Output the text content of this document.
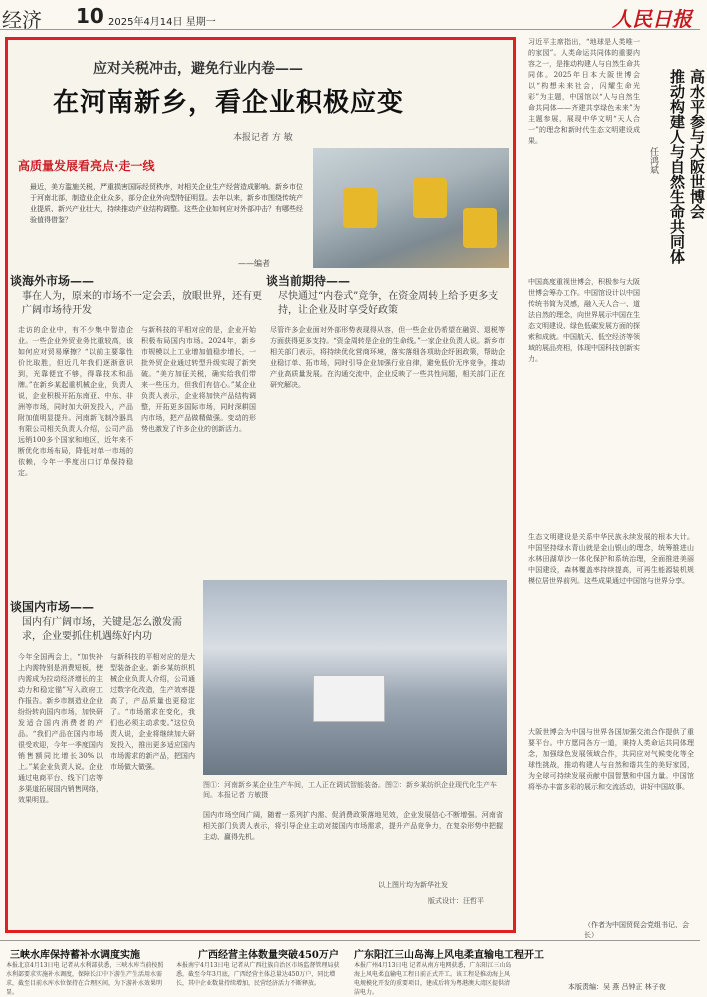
经济 10 2025年4月14日 星期一	人民日报
应对关税冲击，避免行业内卷——
在河南新乡，看企业积极应变
本报记者 方 敏
高质量发展看亮点·走一线
最近，美方滥施关税，严重损害国际经贸秩序，对相关企业生产经营造成影响。新乡市位于河南北部，制造业企业众多，部分企业外向型特征明显。去年以来，新乡市围绕传统产业提质、新兴产业壮大，持续推动产业结构调整。这些企业如何应对外部冲击？有哪些经验值得借鉴？
——编者
谈海外市场——
事在人为，原来的市场不一定会丢，放眼世界，还有更广阔市场待开发
走访的企业中，有不少集中智造企业。一些企业外贸业务比重较高，该如何应对贸易摩擦？“以前主要靠性价比取胜，但近几年我们逐渐意识到，光靠便宜不够，得靠技术和品牌。”在新乡某起重机械企业，负责人说，企业积极开拓东南亚、中东、非洲等市场，同时加大研发投入，产品附加值明显提升。河南新飞制冷器具有限公司相关负责人介绍，公司产品远销100多个国家和地区，近年来不断优化市场布局，降低对单一市场的依赖，今年一季度出口订单保持稳定。
与新科技的平相对应的是，企业开始积极布局国内市场。2024年，新乡市规模以上工业增加值稳步增长，一批外贸企业通过转型升级实现了新突破。“美方加征关税，确实给我们带来一些压力，但我们有信心。”某企业负责人表示，企业将加快产品结构调整，开拓更多国际市场，同时深耕国内市场，把产品做精做强。变动的形势也激发了许多企业的创新活力。
谈当前期待——
尽快通过“内卷式”竞争，在资金周转上给予更多支持，让企业及时享受好政策
尽管许多企业面对外部形势表现得从容，但一些企业仍希望在融资、退税等方面获得更多支持。“资金周转是企业的生命线。”一家企业负责人说。新乡市相关部门表示，将持续优化营商环境，落实落细各项助企纾困政策，帮助企业稳订单、拓市场，同时引导企业加强行业自律，避免低价无序竞争，推动产业高质量发展。在沟通交流中，企业反映了一些共性问题，相关部门正在研究解决。
谈国内市场——
国内有广阔市场，关键是怎么激发需求，企业要抓住机遇练好内功
今年全国两会上，“加快补上内需特别是消费短板，使内需成为拉动经济增长的主动力和稳定锚”写入政府工作报告。新乡市制造业企业纷纷转向国内市场，加快研发适合国内消费者的产品。“我们产品在国内市场很受欢迎，今年一季度国内销售额同比增长30%以上。”某企业负责人说。企业通过电商平台、线下门店等多渠道拓展国内销售网络，效果明显。
与新科技的平相对应的是大型装备企业。新乡某纺织机械企业负责人介绍，公司通过数字化改造，生产效率提高了，产品质量也更稳定了。“市场需求在变化，我们也必须主动求变。”这位负责人说，企业将继续加大研发投入，推出更多适应国内市场需求的新产品，把国内市场做大做强。
图①：河南新乡某企业生产车间，工人正在调试智能装备。图②：新乡某纺织企业现代化生产车间。本报记者 方敏摄
国内市场空间广阔，随着一系列扩内需、促消费政策落地见效，企业发展信心不断增强。河南省相关部门负责人表示，将引导企业主动对接国内市场需求，提升产品竞争力，在复杂形势中把握主动、赢得先机。
以上图片均为新华社发
版式设计：汪哲平
高水平参与大阪世博会
推动构建人与自然生命共同体
任鸿斌
习近平主席指出，“地球是人类唯一的家园”。人类命运共同体的重要内容之一，是推动构建人与自然生命共同体。2025年日本大阪世博会以“构想未来社会，闪耀生命光彩”为主题，中国馆以“人与自然生命共同体——齐建共享绿色未来”为主题参展，展现中华文明“天人合一”的理念和新时代生态文明建设成果。
中国高度重视世博会，积极参与大阪世博会筹办工作。中国馆设计以中国传统书简为灵感，融入天人合一、道法自然的理念，向世界展示中国在生态文明建设、绿色低碳发展方面的探索和成就。中国航天、低空经济等领域的展品亮相，体现中国科技创新实力。
生态文明建设是关系中华民族永续发展的根本大计。中国坚持绿水青山就是金山银山的理念，统筹推进山水林田湖草沙一体化保护和系统治理，全面推进美丽中国建设，森林覆盖率持续提高，可再生能源装机规模位居世界前列。这些成果通过中国馆与世界分享。
大阪世博会为中国与世界各国加强交流合作提供了重要平台。中方愿同各方一道，秉持人类命运共同体理念，加强绿色发展领域合作，共同应对气候变化等全球性挑战，推动构建人与自然和谐共生的美好家园，为全球可持续发展贡献中国智慧和中国力量。中国馆将举办丰富多彩的展示和交流活动，讲好中国故事。
（作者为中国贸促会党组书记、会长）
三峡水库保持蓄补水调度实施
本报北京4月13日电 记者从水利部获悉，三峡水库当前按照水利部要求实施补水调度，保障长江中下游生产生活用水需求，截至目前水库水位保持在合理区间，为下游补水效果明显。
广西经营主体数量突破450万户
本报南宁4月13日电 记者从广西壮族自治区市场监督管理局获悉，截至今年3月底，广西经营主体总量达450万户，同比增长，其中企业数量持续增加，民营经济活力不断释放。
广东阳江三山岛海上风电柔直输电工程开工
本报广州4月13日电 记者从南方电网获悉，广东阳江三山岛海上风电柔直输电工程日前正式开工。该工程是推动海上风电规模化开发的重要项目，建成后将为粤港澳大湾区提供清洁电力。
本版责编：吴 燕 吕钟正 林子夜
